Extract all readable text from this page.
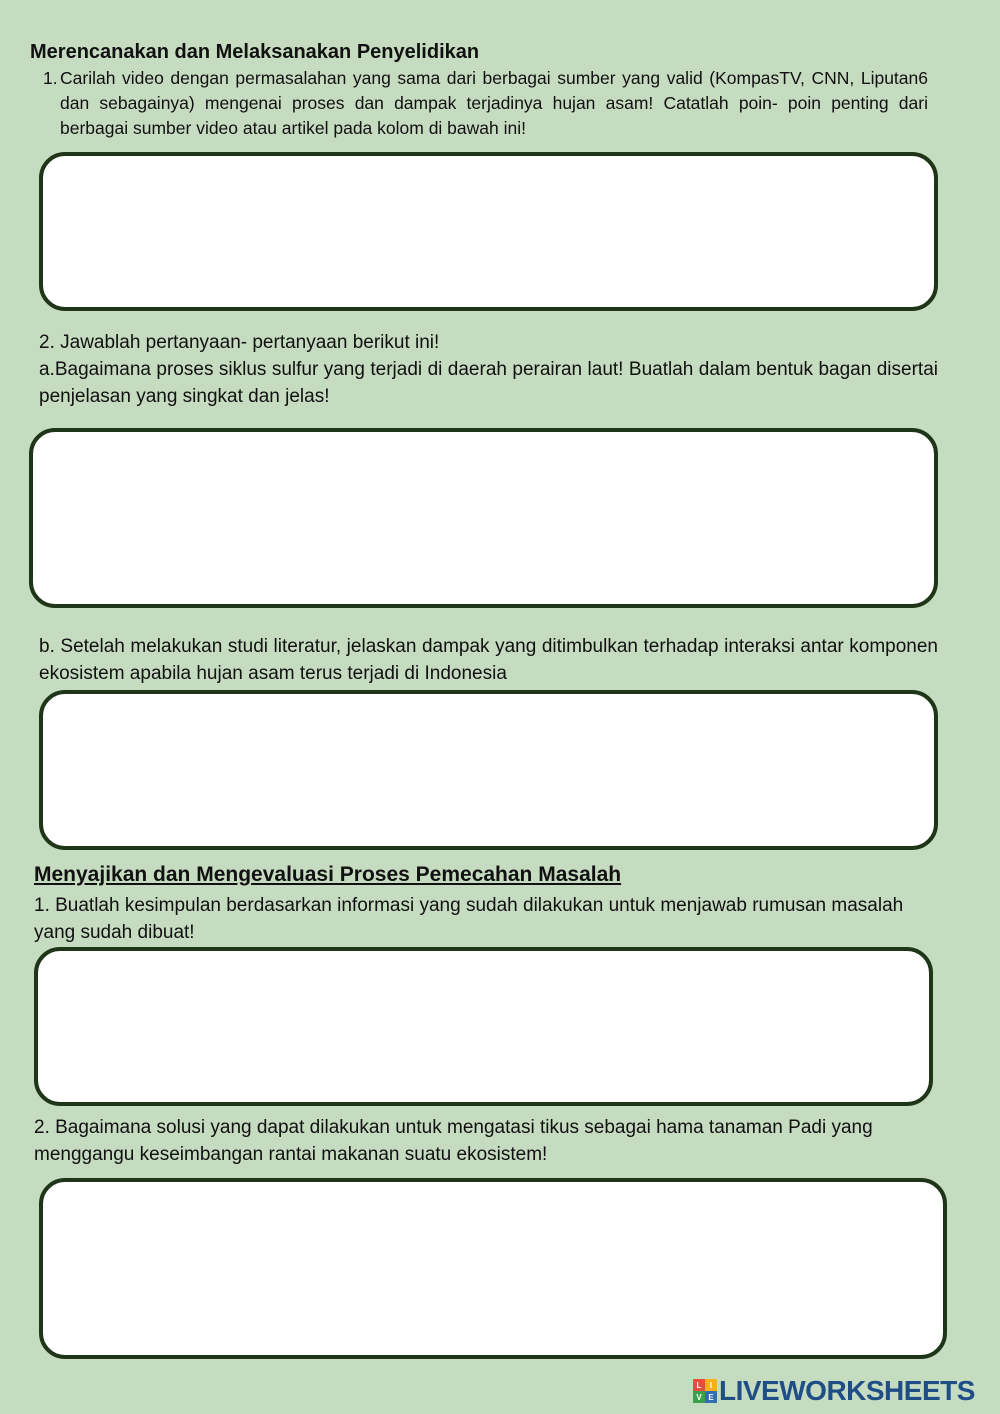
Merencanakan dan Melaksanakan Penyelidikan
1. Carilah video dengan permasalahan yang sama dari berbagai sumber yang valid (KompasTV, CNN, Liputan6 dan sebagainya) mengenai proses dan dampak terjadinya hujan asam! Catatlah poin- poin penting dari berbagai sumber video atau artikel pada kolom di bawah ini!
2. Jawablah pertanyaan- pertanyaan berikut ini!
a.Bagaimana proses siklus sulfur yang terjadi di daerah perairan laut! Buatlah dalam bentuk bagan disertai penjelasan yang singkat dan jelas!
b. Setelah melakukan studi literatur, jelaskan dampak yang ditimbulkan terhadap interaksi antar komponen ekosistem apabila hujan asam terus terjadi di Indonesia
Menyajikan dan Mengevaluasi Proses Pemecahan Masalah
1. Buatlah kesimpulan berdasarkan informasi yang sudah dilakukan untuk menjawab rumusan masalah yang sudah dibuat!
2. Bagaimana solusi yang dapat dilakukan untuk mengatasi tikus sebagai hama tanaman Padi yang menggangu keseimbangan rantai makanan suatu ekosistem!
L	I
V E LIVEWORKSHEETS
